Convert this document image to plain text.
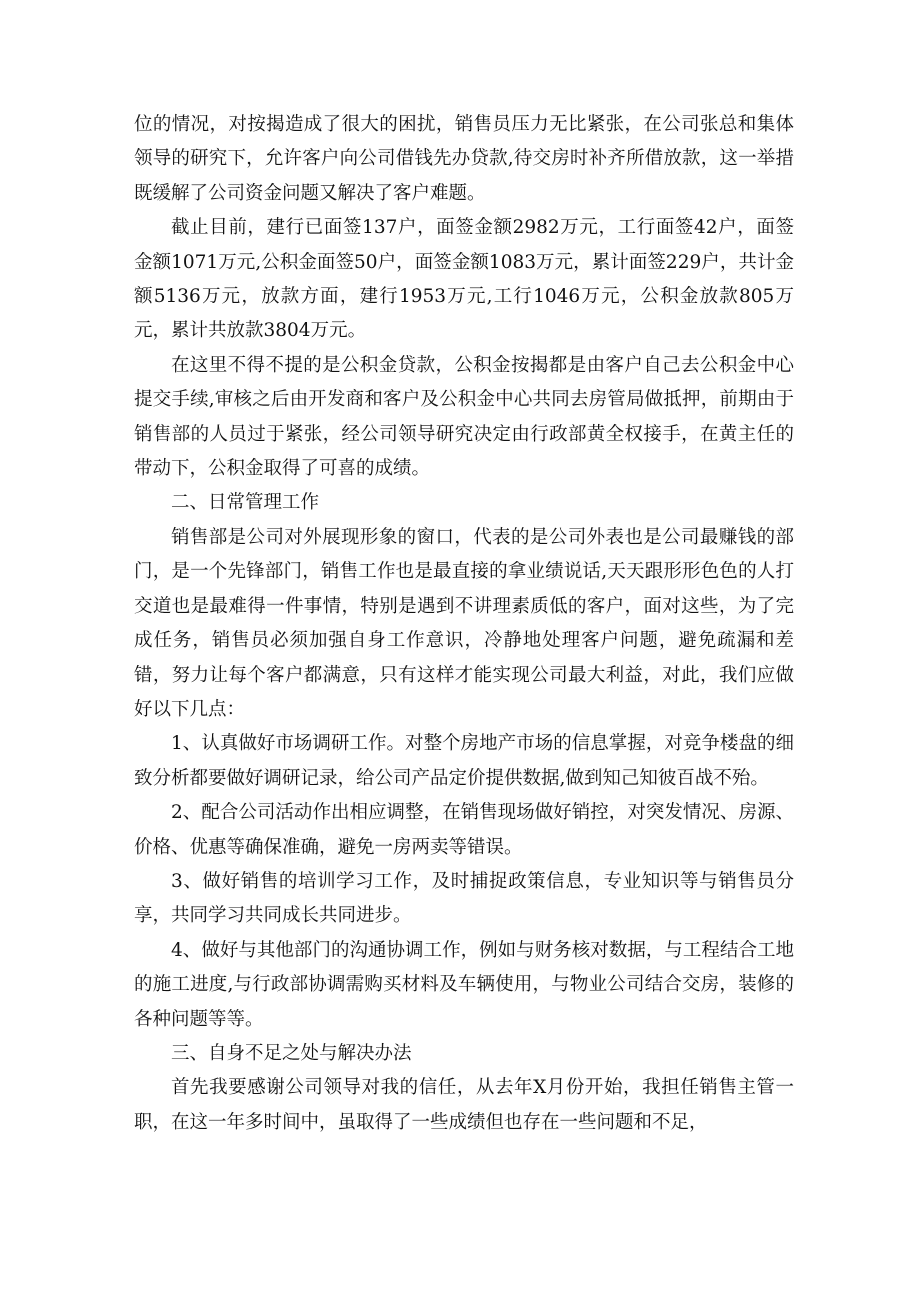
位的情况，对按揭造成了很大的困扰，销售员压力无比紧张，在公司张总和集体领导的研究下，允许客户向公司借钱先办贷款,待交房时补齐所借放款，这一举措既缓解了公司资金问题又解决了客户难题。

截止目前，建行已面签137户，面签金额2982万元，工行面签42户，面签金额1071万元,公积金面签50户，面签金额1083万元，累计面签229户，共计金额5136万元，放款方面，建行1953万元,工行1046万元，公积金放款805万元，累计共放款3804万元。

在这里不得不提的是公积金贷款，公积金按揭都是由客户自己去公积金中心提交手续,审核之后由开发商和客户及公积金中心共同去房管局做抵押，前期由于销售部的人员过于紧张，经公司领导研究决定由行政部黄全权接手，在黄主任的带动下，公积金取得了可喜的成绩。

二、日常管理工作

销售部是公司对外展现形象的窗口，代表的是公司外表也是公司最赚钱的部门，是一个先锋部门，销售工作也是最直接的拿业绩说话,天天跟形形色色的人打交道也是最难得一件事情，特别是遇到不讲理素质低的客户，面对这些，为了完成任务，销售员必须加强自身工作意识，冷静地处理客户问题，避免疏漏和差错，努力让每个客户都满意，只有这样才能实现公司最大利益，对此，我们应做好以下几点：

1、认真做好市场调研工作。对整个房地产市场的信息掌握，对竞争楼盘的细致分析都要做好调研记录，给公司产品定价提供数据,做到知己知彼百战不殆。

2、配合公司活动作出相应调整，在销售现场做好销控，对突发情况、房源、价格、优惠等确保准确，避免一房两卖等错误。

3、做好销售的培训学习工作，及时捕捉政策信息，专业知识等与销售员分享，共同学习共同成长共同进步。

4、做好与其他部门的沟通协调工作，例如与财务核对数据，与工程结合工地的施工进度,与行政部协调需购买材料及车辆使用，与物业公司结合交房，装修的各种问题等等。

三、自身不足之处与解决办法

首先我要感谢公司领导对我的信任，从去年X月份开始，我担任销售主管一职，在这一年多时间中，虽取得了一些成绩但也存在一些问题和不足，
